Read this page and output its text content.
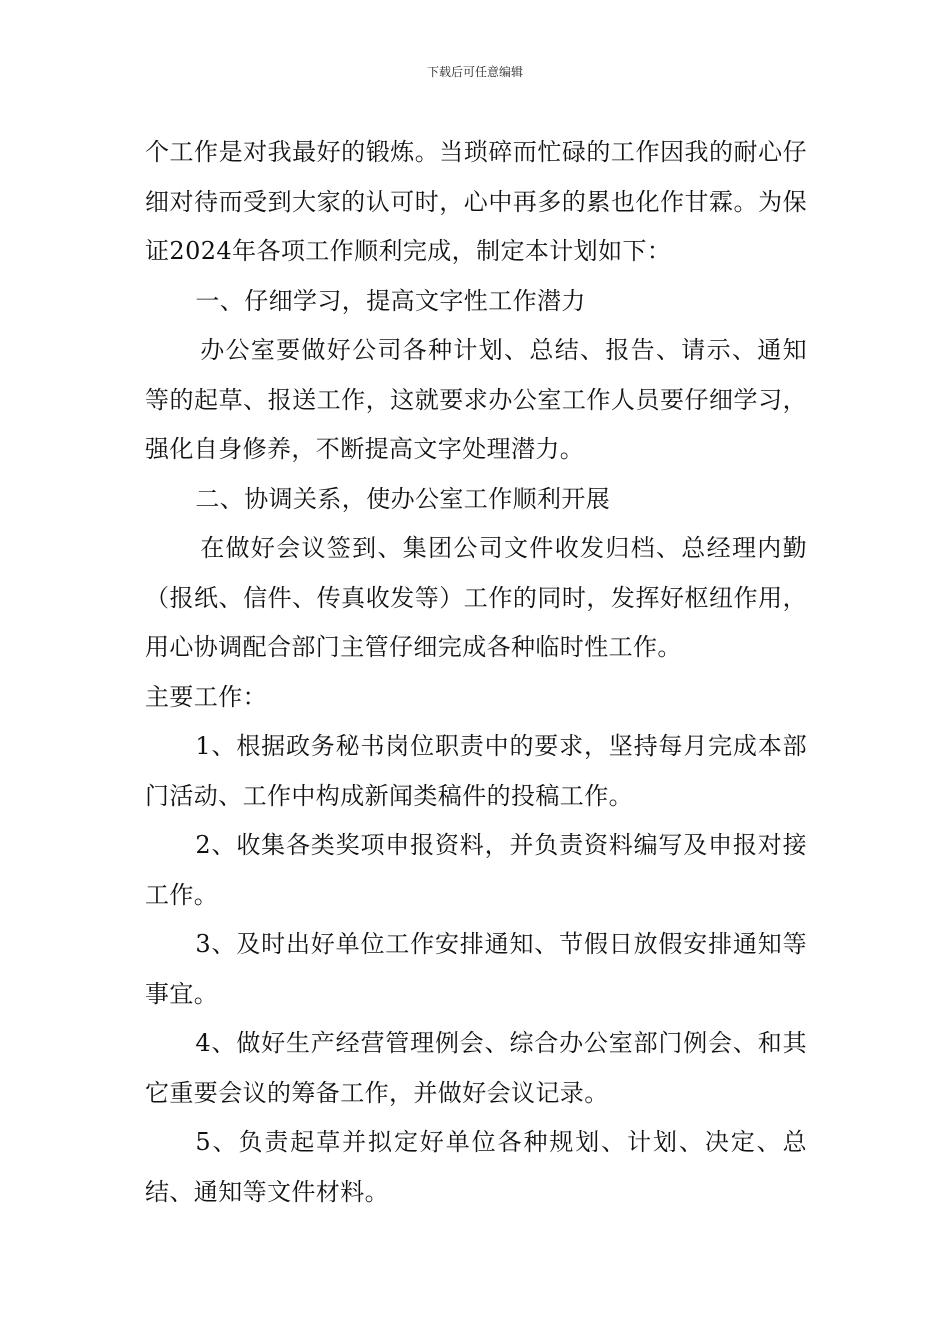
下载后可任意编辑

个工作是对我最好的锻炼。当琐碎而忙碌的工作因我的耐心仔细对待而受到大家的认可时，心中再多的累也化作甘霖。为保证2024年各项工作顺利完成，制定本计划如下：

一、仔细学习，提高文字性工作潜力

办公室要做好公司各种计划、总结、报告、请示、通知等的起草、报送工作，这就要求办公室工作人员要仔细学习，强化自身修养，不断提高文字处理潜力。

二、协调关系，使办公室工作顺利开展

在做好会议签到、集团公司文件收发归档、总经理内勤（报纸、信件、传真收发等）工作的同时，发挥好枢纽作用，用心协调配合部门主管仔细完成各种临时性工作。

主要工作：

1、根据政务秘书岗位职责中的要求，坚持每月完成本部门活动、工作中构成新闻类稿件的投稿工作。

2、收集各类奖项申报资料，并负责资料编写及申报对接工作。

3、及时出好单位工作安排通知、节假日放假安排通知等事宜。

4、做好生产经营管理例会、综合办公室部门例会、和其它重要会议的筹备工作，并做好会议记录。

5、负责起草并拟定好单位各种规划、计划、决定、总结、通知等文件材料。
